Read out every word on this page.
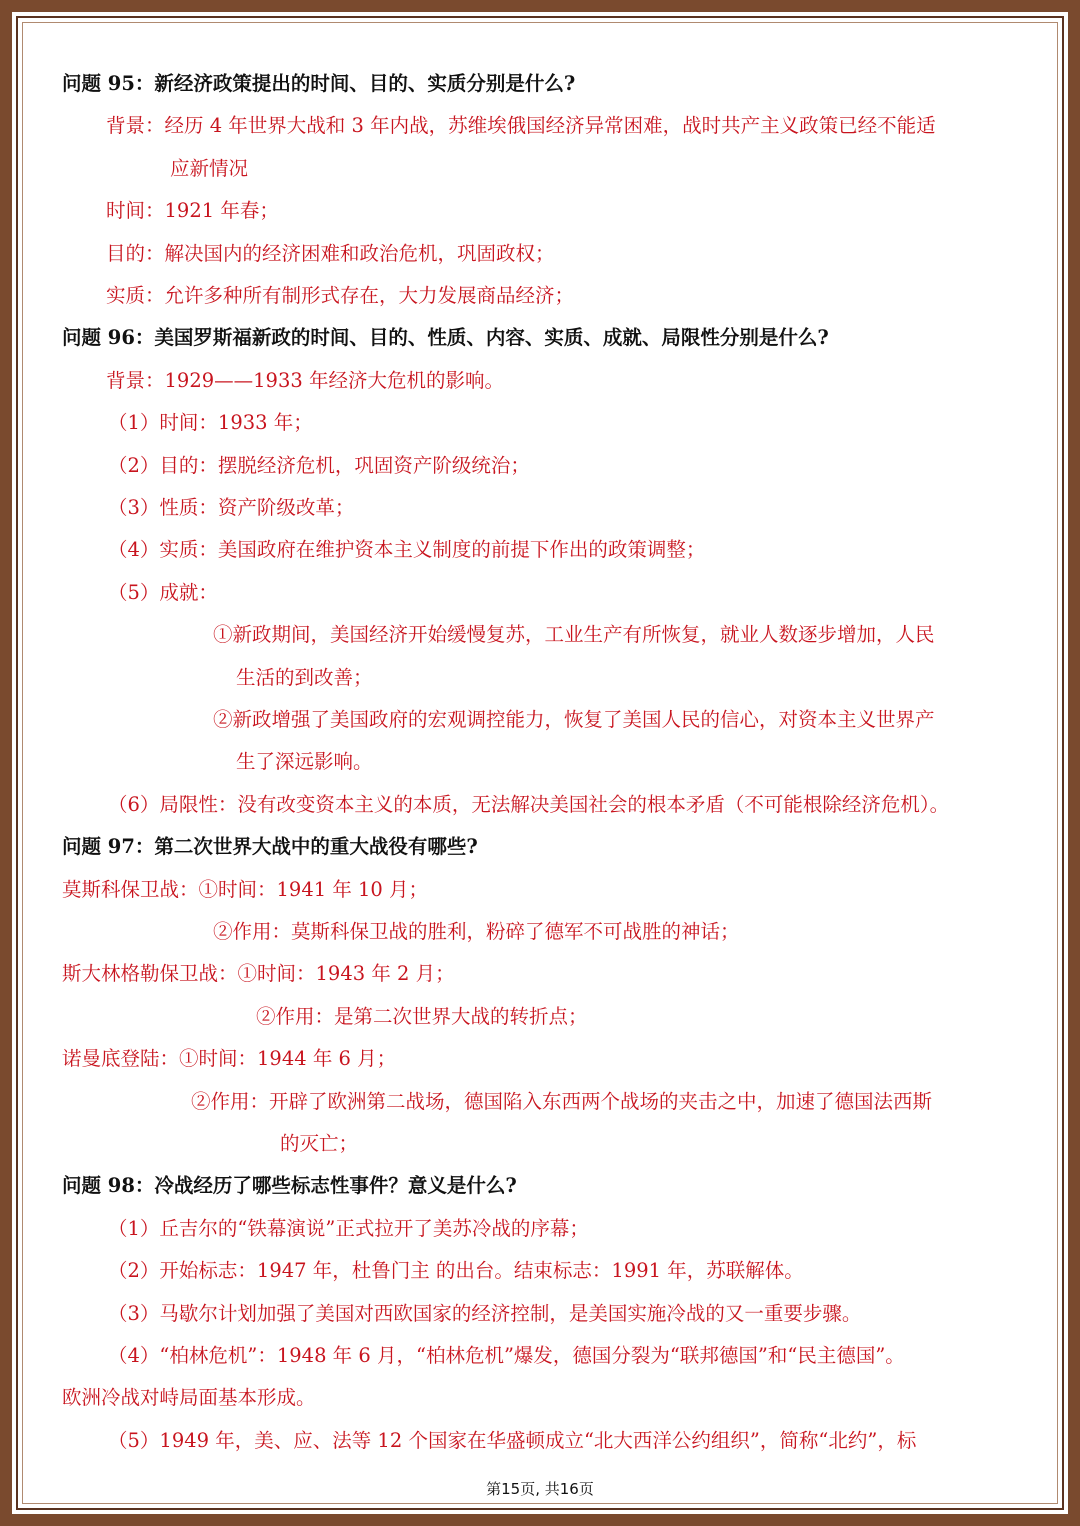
问题 95：新经济政策提出的时间、目的、实质分别是什么?
背景：经历 4 年世界大战和 3 年内战，苏维埃俄国经济异常困难，战时共产主义政策已经不能适
应新情况
时间：1921 年春；
目的：解决国内的经济困难和政治危机，巩固政权；
实质：允许多种所有制形式存在，大力发展商品经济；
问题 96：美国罗斯福新政的时间、目的、性质、内容、实质、成就、局限性分别是什么?
背景：1929——1933 年经济大危机的影响。
（1）时间：1933 年；
（2）目的：摆脱经济危机，巩固资产阶级统治；
（3）性质：资产阶级改革；
（4）实质：美国政府在维护资本主义制度的前提下作出的政策调整；
（5）成就：
①新政期间，美国经济开始缓慢复苏，工业生产有所恢复，就业人数逐步增加，人民
生活的到改善；
②新政增强了美国政府的宏观调控能力，恢复了美国人民的信心，对资本主义世界产
生了深远影响。
（6）局限性：没有改变资本主义的本质，无法解决美国社会的根本矛盾（不可能根除经济危机）。
问题 97：第二次世界大战中的重大战役有哪些?
莫斯科保卫战：①时间：1941 年 10 月；
②作用：莫斯科保卫战的胜利，粉碎了德军不可战胜的神话；
斯大林格勒保卫战：①时间：1943 年 2 月；
②作用：是第二次世界大战的转折点；
诺曼底登陆：①时间：1944 年 6 月；
②作用：开辟了欧洲第二战场，德国陷入东西两个战场的夹击之中，加速了德国法西斯
的灭亡；
问题 98：冷战经历了哪些标志性事件？意义是什么?
（1）丘吉尔的“铁幕演说”正式拉开了美苏冷战的序幕；
（2）开始标志：1947 年，杜鲁门主 的出台。结束标志：1991 年，苏联解体。
（3）马歇尔计划加强了美国对西欧国家的经济控制，是美国实施冷战的又一重要步骤。
（4）“柏林危机”：1948 年 6 月，“柏林危机”爆发，德国分裂为“联邦德国”和“民主德国”。
欧洲冷战对峙局面基本形成。
（5）1949 年，美、应、法等 12 个国家在华盛顿成立“北大西洋公约组织”，简称“北约”，标
第15页, 共16页
